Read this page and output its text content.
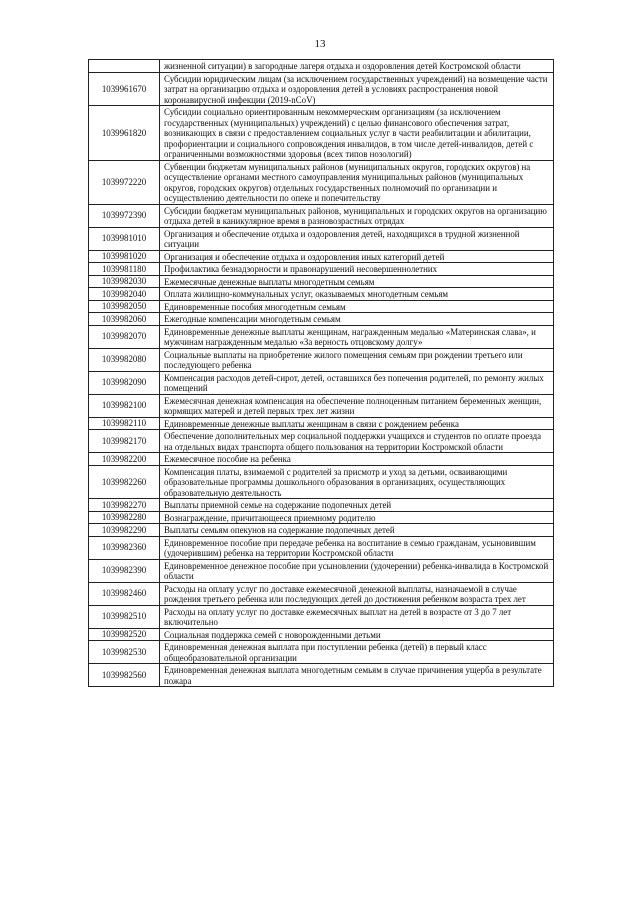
13
	жизненной ситуации) в загородные лагеря отдыха и оздоровления детей Костромской области
1039961670	Субсидии юридическим лицам (за исключением государственных учреждений) на возмещение части затрат на организацию отдыха и оздоровления детей в условиях распространения новой коронавирусной инфекции (2019-nCoV)
1039961820	Субсидии социально ориентированным некоммерческим организациям (за исключением государственных (муниципальных) учреждений) с целью финансового обеспечения затрат, возникающих в связи с предоставлением социальных услуг в части реабилитации и абилитации, профориентации и социального сопровождения инвалидов, в том числе детей-инвалидов, детей с ограниченными возможностями здоровья (всех типов нозологий)
1039972220	Субвенции бюджетам муниципальных районов (муниципальных округов, городских округов) на осуществление органами местного самоуправления муниципальных районов (муниципальных округов, городских округов) отдельных государственных полномочий по организации и осуществлению деятельности по опеке и попечительству
1039972390	Субсидии бюджетам муниципальных районов, муниципальных и городских округов на организацию отдыха детей в каникулярное время в разновозрастных отрядах
1039981010	Организация и обеспечение отдыха и оздоровления детей, находящихся в трудной жизненной ситуации
1039981020	Организация и обеспечение отдыха и оздоровления иных категорий детей
1039981180	Профилактика безнадзорности и правонарушений несовершеннолетних
1039982030	Ежемесячные денежные выплаты многодетным семьям
1039982040	Оплата жилищно-коммунальных услуг, оказываемых многодетным семьям
1039982050	Единовременные пособия многодетным семьям
1039982060	Ежегодные компенсации многодетным семьям
1039982070	Единовременные денежные выплаты женщинам, награжденным медалью «Материнская слава», и мужчинам награжденным медалью «За верность отцовскому долгу»
1039982080	Социальные выплаты на приобретение жилого помещения семьям при рождении третьего или последующего ребенка
1039982090	Компенсация расходов детей-сирот, детей, оставшихся без попечения родителей, по ремонту жилых помещений
1039982100	Ежемесячная денежная компенсация на обеспечение полноценным питанием беременных женщин, кормящих матерей и детей первых трех лет жизни
1039982110	Единовременные денежные выплаты женщинам в связи с рождением ребенка
1039982170	Обеспечение дополнительных мер социальной поддержки учащихся и студентов по оплате проезда на отдельных видах транспорта общего пользования на территории Костромской области
1039982200	Ежемесячное пособие на ребенка
1039982260	Компенсация платы, взимаемой с родителей за присмотр и уход за детьми, осваивающими образовательные программы дошкольного образования в организациях, осуществляющих образовательную деятельность
1039982270	Выплаты приемной семье на содержание подопечных детей
1039982280	Вознаграждение, причитающееся приемному родителю
1039982290	Выплаты семьям опекунов на содержание подопечных детей
1039982360	Единовременное пособие при передаче ребенка на воспитание в семью гражданам, усыновившим (удочерившим) ребенка на территории Костромской области
1039982390	Единовременное денежное пособие при усыновлении (удочерении) ребенка-инвалида в Костромской области
1039982460	Расходы на оплату услуг по доставке ежемесячной денежной выплаты, назначаемой в случае рождения третьего ребенка или последующих детей до достижения ребенком возраста трех лет
1039982510	Расходы на оплату услуг по доставке ежемесячных выплат на детей в возрасте от 3 до 7 лет включительно
1039982520	Социальная поддержка семей с новорожденными детьми
1039982530	Единовременная денежная выплата при поступлении ребенка (детей) в первый класс общеобразовательной организации
1039982560	Единовременная денежная выплата многодетным семьям в случае причинения ущерба в результате пожара
